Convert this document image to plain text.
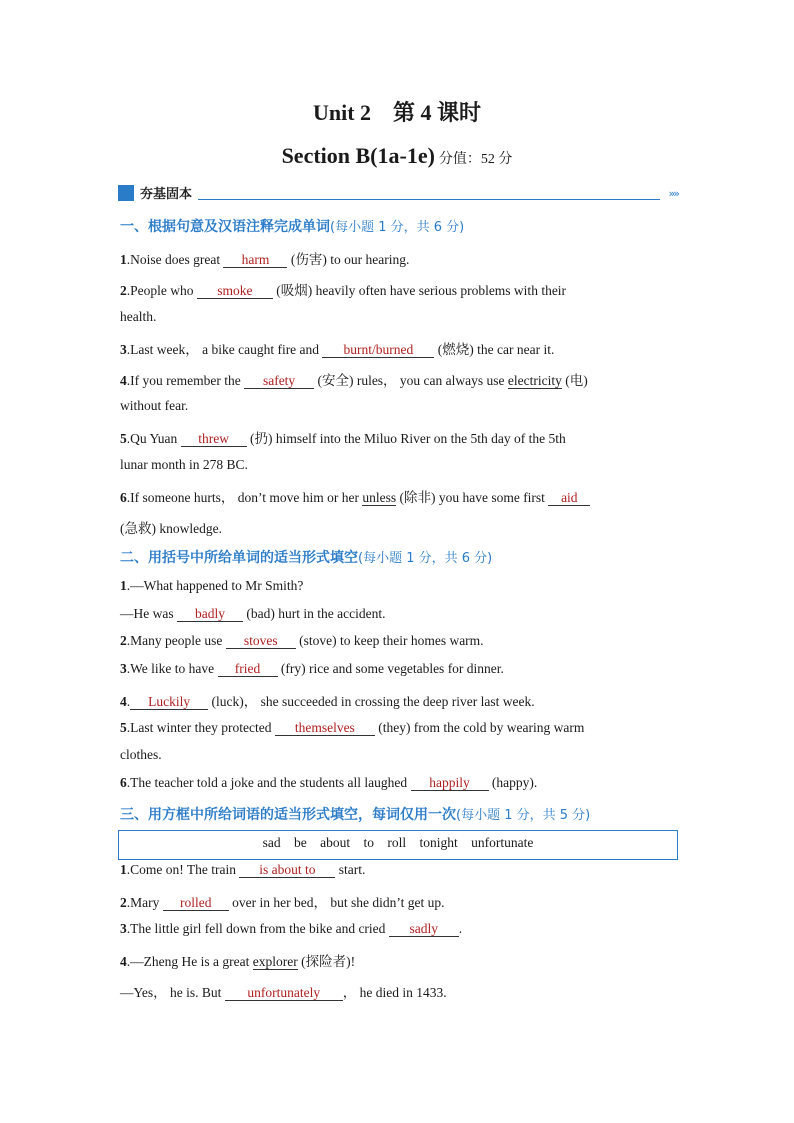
Unit 2　第 4 课时
Section B(1a-1e) 分值：52 分
夯基固本	»»
一、根据句意及汉语注释完成单词(每小题 1 分，共 6 分)
1.Noise does great harm (伤害) to our hearing.
2.People who smoke (吸烟) heavily often have serious problems with their
health.
3.Last week， a bike caught fire and burnt/burned (燃烧) the car near it.
4.If you remember the safety (安全) rules， you can always use electricity (电)
without fear.
5.Qu Yuan threw (扔) himself into the Miluo River on the 5th day of the 5th
lunar month in 278 BC.
6.If someone hurts， don’t move him or her unless (除非) you have some first aid
(急救) knowledge.
二、用括号中所给单词的适当形式填空(每小题 1 分，共 6 分)
1.—What happened to Mr Smith?
—He was badly (bad) hurt in the accident.
2.Many people use stoves (stove) to keep their homes warm.
3.We like to have fried (fry) rice and some vegetables for dinner.
4. Luckily (luck)， she succeeded in crossing the deep river last week.
5.Last winter they protected themselves (they) from the cold by wearing warm
clothes.
6.The teacher told a joke and the students all laughed happily (happy).
三、用方框中所给词语的适当形式填空，每词仅用一次(每小题 1 分，共 5 分)
sad be about to roll tonight unfortunate
1.Come on! The train is about to start.
2.Mary rolled over in her bed， but she didn’t get up.
3.The little girl fell down from the bike and cried sadly .
4.—Zheng He is a great explorer (探险者)!
—Yes， he is. But unfortunately ， he died in 1433.
